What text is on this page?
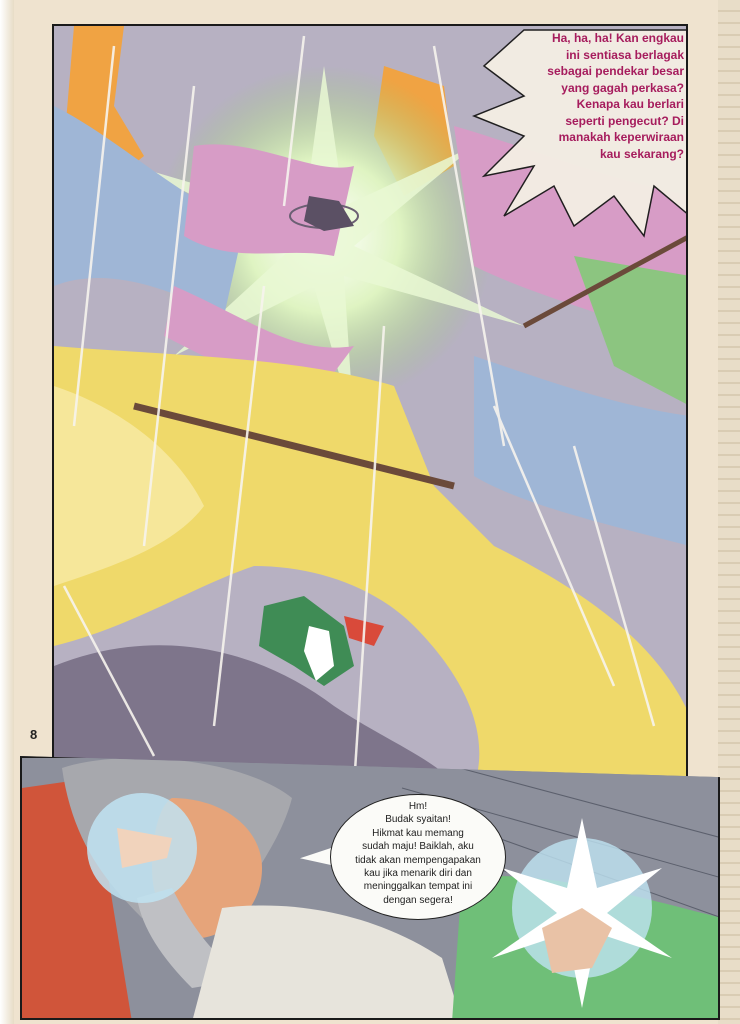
Ha, ha, ha! Kan engkau
ini sentiasa berlagak
sebagai pendekar besar
yang gagah perkasa?
Kenapa kau berlari
seperti pengecut? Di
manakah keperwiraan
kau sekarang?
8
Hm!
Budak syaitan!
Hikmat kau memang
sudah maju! Baiklah, aku
tidak akan mempengapakan
kau jika menarik diri dan
meninggalkan tempat ini
dengan segera!
